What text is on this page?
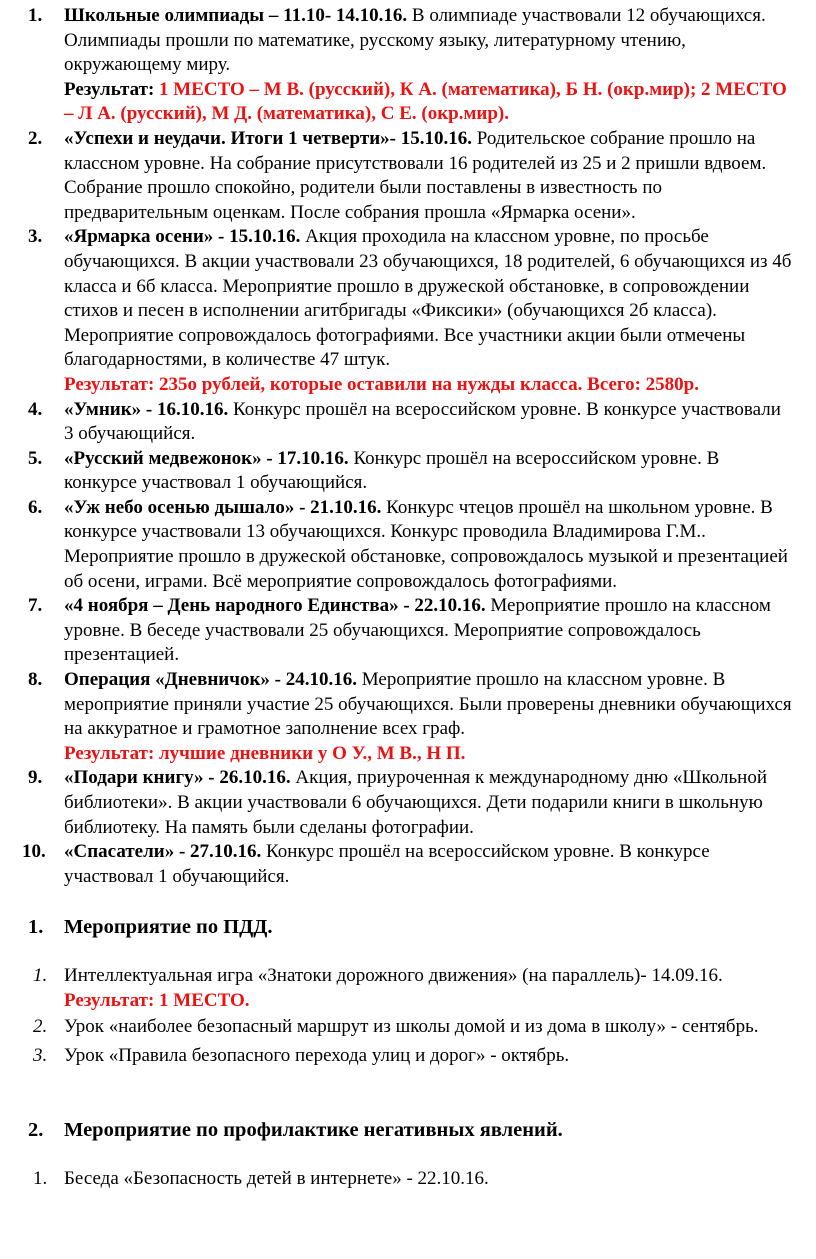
1. Школьные олимпиады – 11.10- 14.10.16. В олимпиаде участвовали 12 обучающихся. Олимпиады прошли по математике, русскому языку, литературному чтению, окружающему миру.
Результат: 1 МЕСТО – М В. (русский), К А. (математика), Б Н. (окр.мир); 2 МЕСТО – Л А. (русский), М Д. (математика), С Е. (окр.мир).
2. «Успехи и неудачи. Итоги 1 четверти»- 15.10.16. Родительское собрание прошло на классном уровне. На собрание присутствовали 16 родителей из 25 и 2 пришли вдвоем. Собрание прошло спокойно, родители были поставлены в известность по предварительным оценкам. После собрания прошла «Ярмарка осени».
3. «Ярмарка осени» - 15.10.16. Акция проходила на классном уровне, по просьбе обучающихся. В акции участвовали 23 обучающихся, 18 родителей, 6 обучающихся из 4б класса и 6б класса. Мероприятие прошло в дружеской обстановке, в сопровождении стихов и песен в исполнении агитбригады «Фиксики» (обучающихся 2б класса). Мероприятие сопровождалось фотографиями. Все участники акции были отмечены благодарностями, в количестве 47 штук.
Результат: 235о рублей, которые оставили на нужды класса. Всего: 2580р.
4. «Умник» - 16.10.16. Конкурс прошёл на всероссийском уровне. В конкурсе участвовали 3 обучающийся.
5. «Русский медвежонок» - 17.10.16. Конкурс прошёл на всероссийском уровне. В конкурсе участвовал 1 обучающийся.
6. «Уж небо осенью дышало» - 21.10.16. Конкурс чтецов прошёл на школьном уровне. В конкурсе участвовали 13 обучающихся. Конкурс проводила Владимирова Г.М.. Мероприятие прошло в дружеской обстановке, сопровождалось музыкой и презентацией об осени, играми. Всё мероприятие сопровождалось фотографиями.
7. «4 ноября – День народного Единства» - 22.10.16. Мероприятие прошло на классном уровне. В беседе участвовали 25 обучающихся. Мероприятие сопровождалось презентацией.
8. Операция «Дневничок» - 24.10.16. Мероприятие прошло на классном уровне. В мероприятие приняли участие 25 обучающихся. Были проверены дневники обучающихся на аккуратное и грамотное заполнение всех граф.
Результат: лучшие дневники у О У., М В., Н П.
9. «Подари книгу» - 26.10.16. Акция, приуроченная к международному дню «Школьной библиотеки». В акции участвовали 6 обучающихся. Дети подарили книги в школьную библиотеку. На память были сделаны фотографии.
10. «Спасатели» - 27.10.16. Конкурс прошёл на всероссийском уровне. В конкурсе участвовал 1 обучающийся.
1. Мероприятие по ПДД.
1. Интеллектуальная игра «Знатоки дорожного движения» (на параллель)- 14.09.16.
Результат: 1 МЕСТО.
2. Урок «наиболее безопасный маршрут из школы домой и из дома в школу» - сентябрь.
3. Урок «Правила безопасного перехода улиц и дорог» - октябрь.
2. Мероприятие по профилактике негативных явлений.
1. Беседа «Безопасность детей в интернете» - 22.10.16.
